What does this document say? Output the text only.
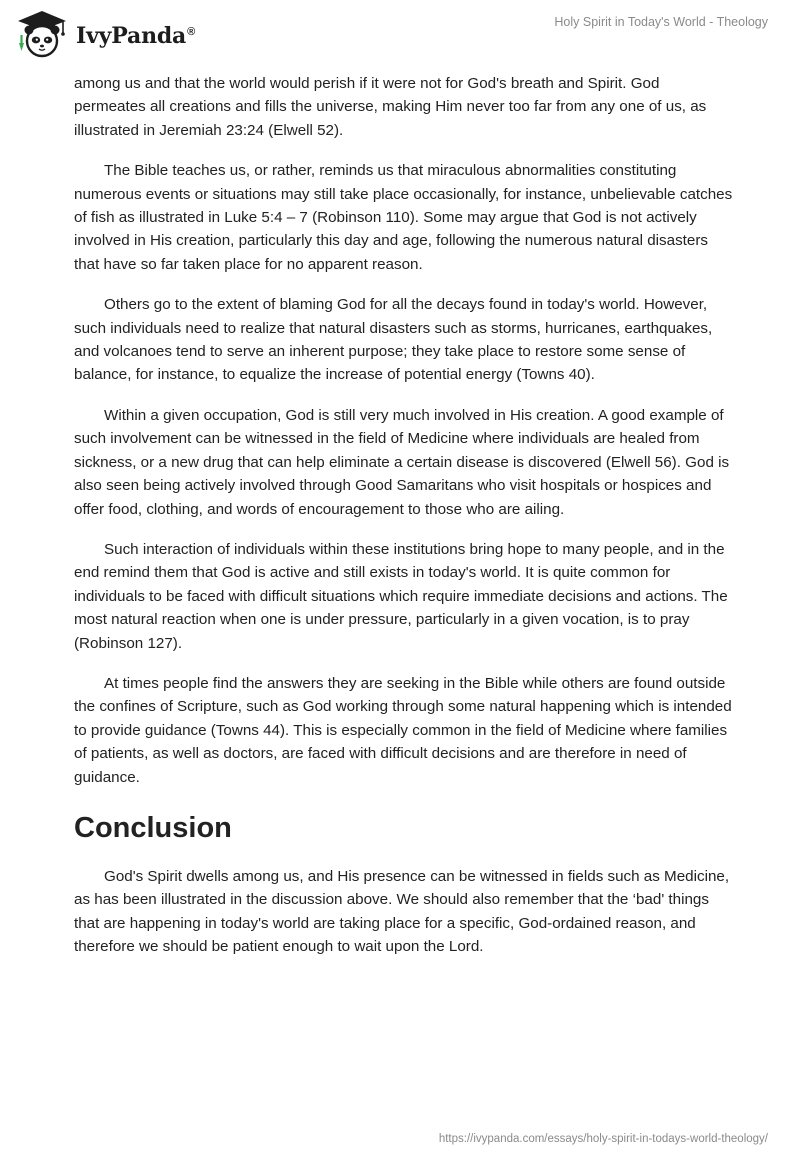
IvyPanda®
Holy Spirit in Today's World - Theology

among us and that the world would perish if it were not for God's breath and Spirit. God permeates all creations and fills the universe, making Him never too far from any one of us, as illustrated in Jeremiah 23:24 (Elwell 52).

The Bible teaches us, or rather, reminds us that miraculous abnormalities constituting numerous events or situations may still take place occasionally, for instance, unbelievable catches of fish as illustrated in Luke 5:4 – 7 (Robinson 110). Some may argue that God is not actively involved in His creation, particularly this day and age, following the numerous natural disasters that have so far taken place for no apparent reason.

Others go to the extent of blaming God for all the decays found in today's world. However, such individuals need to realize that natural disasters such as storms, hurricanes, earthquakes, and volcanoes tend to serve an inherent purpose; they take place to restore some sense of balance, for instance, to equalize the increase of potential energy (Towns 40).

Within a given occupation, God is still very much involved in His creation. A good example of such involvement can be witnessed in the field of Medicine where individuals are healed from sickness, or a new drug that can help eliminate a certain disease is discovered (Elwell 56). God is also seen being actively involved through Good Samaritans who visit hospitals or hospices and offer food, clothing, and words of encouragement to those who are ailing.

Such interaction of individuals within these institutions bring hope to many people, and in the end remind them that God is active and still exists in today's world. It is quite common for individuals to be faced with difficult situations which require immediate decisions and actions. The most natural reaction when one is under pressure, particularly in a given vocation, is to pray (Robinson 127).

At times people find the answers they are seeking in the Bible while others are found outside the confines of Scripture, such as God working through some natural happening which is intended to provide guidance (Towns 44). This is especially common in the field of Medicine where families of patients, as well as doctors, are faced with difficult decisions and are therefore in need of guidance.

Conclusion

God's Spirit dwells among us, and His presence can be witnessed in fields such as Medicine, as has been illustrated in the discussion above. We should also remember that the ‘bad' things that are happening in today's world are taking place for a specific, God-ordained reason, and therefore we should be patient enough to wait upon the Lord.

https://ivypanda.com/essays/holy-spirit-in-todays-world-theology/
